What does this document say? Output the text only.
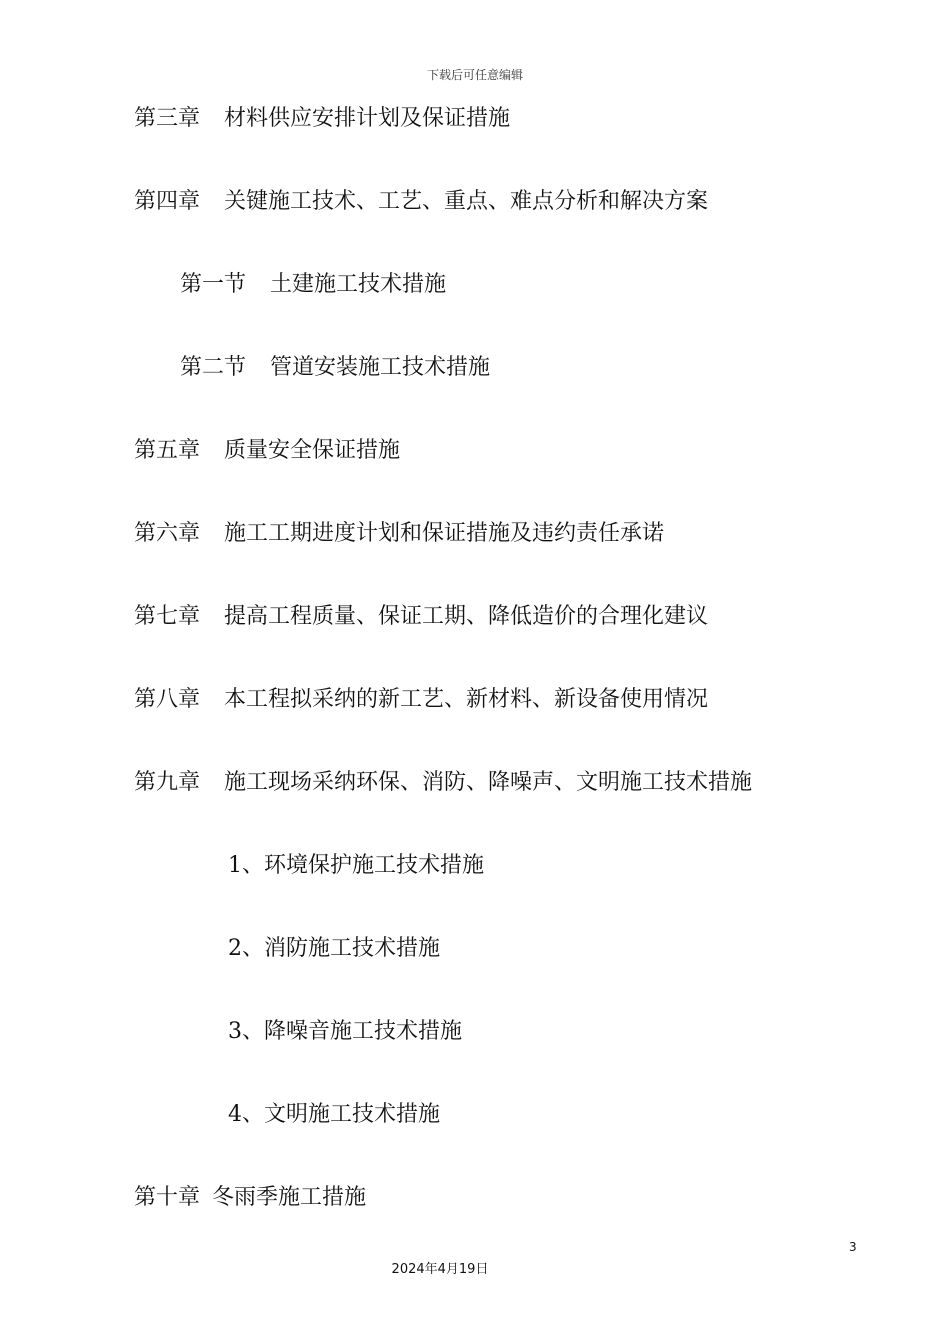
下载后可任意编辑
第三章 材料供应安排计划及保证措施
第四章 关键施工技术、工艺、重点、难点分析和解决方案
第一节 土建施工技术措施
第二节 管道安装施工技术措施
第五章 质量安全保证措施
第六章 施工工期进度计划和保证措施及违约责任承诺
第七章 提高工程质量、保证工期、降低造价的合理化建议
第八章 本工程拟采纳的新工艺、新材料、新设备使用情况
第九章 施工现场采纳环保、消防、降噪声、文明施工技术措施
1、环境保护施工技术措施
2、消防施工技术措施
3、降噪音施工技术措施
4、文明施工技术措施
第十章 冬雨季施工措施
3
2024年4月19日
